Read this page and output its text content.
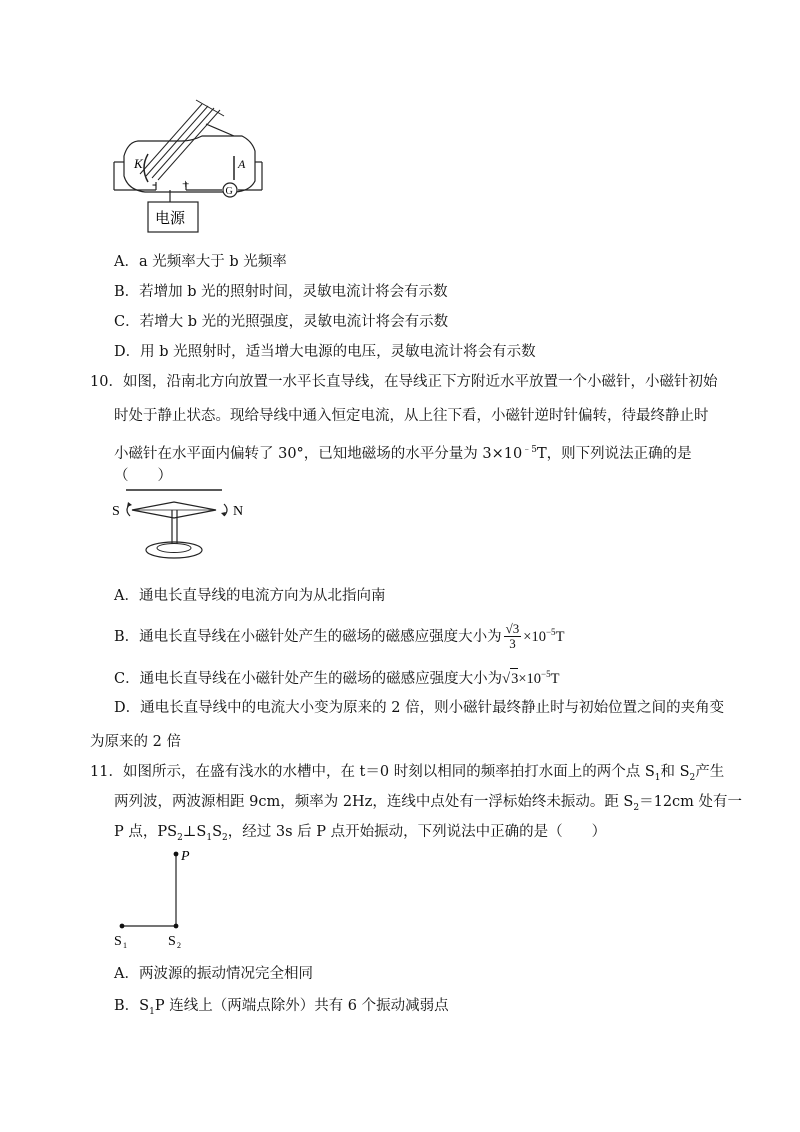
K	A
- +
G
电源
A．a 光频率大于 b 光频率
B．若增加 b 光的照射时间，灵敏电流计将会有示数
C．若增大 b 光的光照强度，灵敏电流计将会有示数
D．用 b 光照射时，适当增大电源的电压，灵敏电流计将会有示数
10．如图，沿南北方向放置一水平长直导线，在导线正下方附近水平放置一个小磁针，小磁针初始
时处于静止状态。现给导线中通入恒定电流，从上往下看，小磁针逆时针偏转，待最终静止时
小磁针在水平面内偏转了 30°，已知地磁场的水平分量为 $3\times 10^{﹣5}T$，则下列说法正确的是
（　　）
S	N
A．通电长直导线的电流方向为从北指向南
B．通电长直导线在小磁针处产生的磁场的磁感应强度大小为 $\frac{√3}{3} \times 10^{-5}T$
C．通电长直导线在小磁针处产生的磁场的磁感应强度大小为$√3\times 10^{-5}T$
D．通电长直导线中的电流大小变为原来的 2 倍，则小磁针最终静止时与初始位置之间的夹角变
为原来的 2 倍
11．如图所示，在盛有浅水的水槽中，在 t＝0 时刻以相同的频率拍打水面上的两个点 $S_1$和 $S_2$产生
两列波，两波源相距 9cm，频率为 2Hz，连线中点处有一浮标始终未振动。距 $S_2=12cm$ 处有一
P 点，$PS_2\perp S_1S_2$，经过 3s 后 P 点开始振动，下列说法中正确的是（　　）
P
S 1	S 2
A．两波源的振动情况完全相同
B．$S_1P$ 连线上（两端点除外）共有 6 个振动减弱点
